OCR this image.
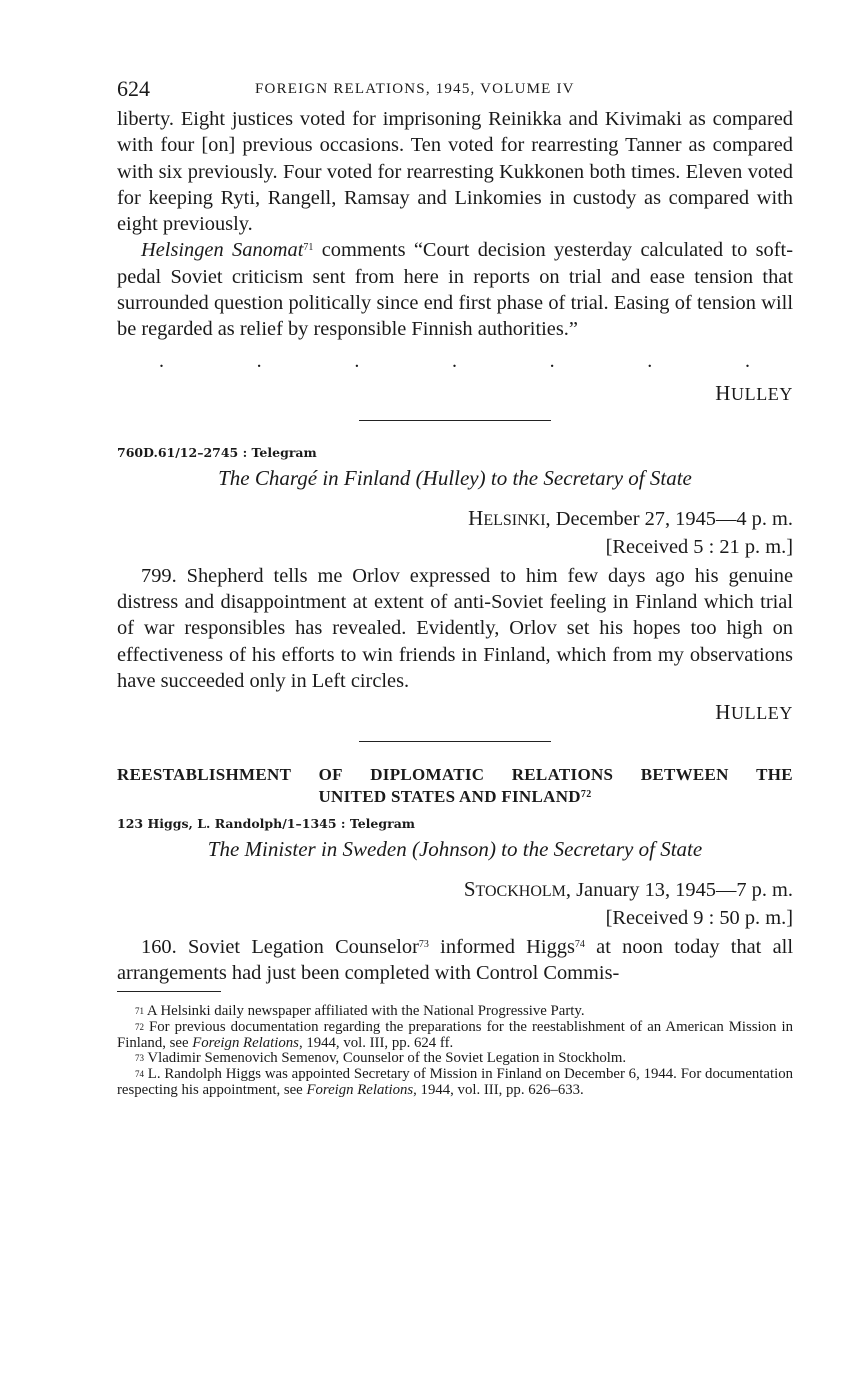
624	FOREIGN RELATIONS, 1945, VOLUME IV

liberty. Eight justices voted for imprisoning Reinikka and Kivimaki as compared with four [on] previous occasions. Ten voted for rearresting Tanner as compared with six previously. Four voted for rearresting Kukkonen both times. Eleven voted for keeping Ryti, Rangell, Ramsay and Linkomies in custody as compared with eight previously.

Helsingen Sanomat$^{71}$ comments “Court decision yesterday calculated to soft-pedal Soviet criticism sent from here in reports on trial and ease tension that surrounded question politically since end first phase of trial. Easing of tension will be regarded as relief by responsible Finnish authorities.”

.	.	.	.	.	.	.
HULLEY
760D.61/12–2745 : Telegram
The Chargé in Finland (Hulley) to the Secretary of State
HELSINKI, December 27, 1945—4 p. m.
[Received 5 : 21 p. m.]

799. Shepherd tells me Orlov expressed to him few days ago his genuine distress and disappointment at extent of anti-Soviet feeling in Finland which trial of war responsibles has revealed. Evidently, Orlov set his hopes too high on effectiveness of his efforts to win friends in Finland, which from my observations have succeeded only in Left circles.

HULLEY
REESTABLISHMENT OF DIPLOMATIC RELATIONS BETWEEN THE
UNITED STATES AND FINLAND$^{72}$
123 Higgs, L. Randolph/1–1345 : Telegram
The Minister in Sweden (Johnson) to the Secretary of State
STOCKHOLM, January 13, 1945—7 p. m.
[Received 9 : 50 p. m.]

160. Soviet Legation Counselor$^{73}$ informed Higgs$^{74}$ at noon today that all arrangements had just been completed with Control Commis-

$^{71}$ A Helsinki daily newspaper affiliated with the National Progressive Party.
$^{72}$ For previous documentation regarding the preparations for the reestablishment of an American Mission in Finland, see Foreign Relations, 1944, vol. III, pp. 624 ff.
$^{73}$ Vladimir Semenovich Semenov, Counselor of the Soviet Legation in Stockholm.
$^{74}$ L. Randolph Higgs was appointed Secretary of Mission in Finland on December 6, 1944. For documentation respecting his appointment, see Foreign Relations, 1944, vol. III, pp. 626–633.
